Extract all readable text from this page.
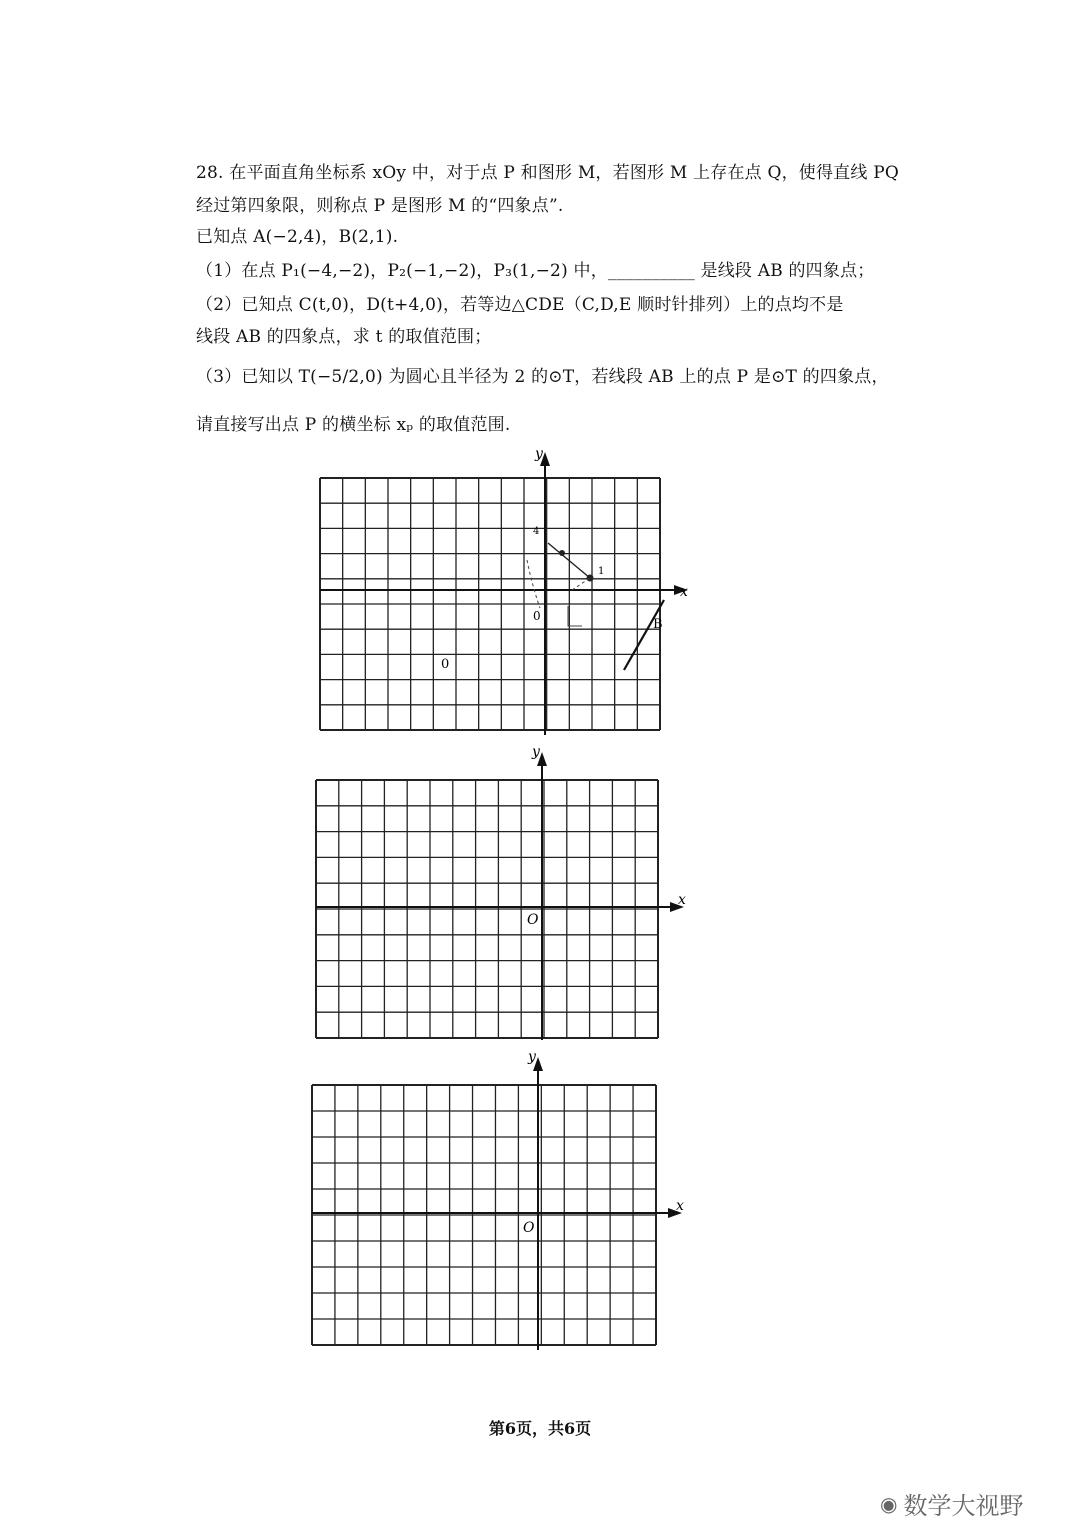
28. 在平面直角坐标系 xOy 中，对于点 P 和图形 M，若图形 M 上存在点 Q，使得直线 PQ
经过第四象限，则称点 P 是图形 M 的“四象点”.
已知点 A(−2,4)，B(2,1).
（1）在点 P₁(−4,−2)，P₂(−1,−2)，P₃(1,−2) 中，__________ 是线段 AB 的四象点；
（2）已知点 C(t,0)，D(t+4,0)，若等边△CDE（C,D,E 顺时针排列）上的点均不是
线段 AB 的四象点，求 t 的取值范围；
（3）已知以 T(−5/2,0) 为圆心且半径为 2 的⊙T，若线段 AB 上的点 P 是⊙T 的四象点，
请直接写出点 P 的横坐标 xₚ 的取值范围.
y
x
0
4
1
0
B
y
x
O
y
x
O
第6页，共6页
◉ 数学大视野
